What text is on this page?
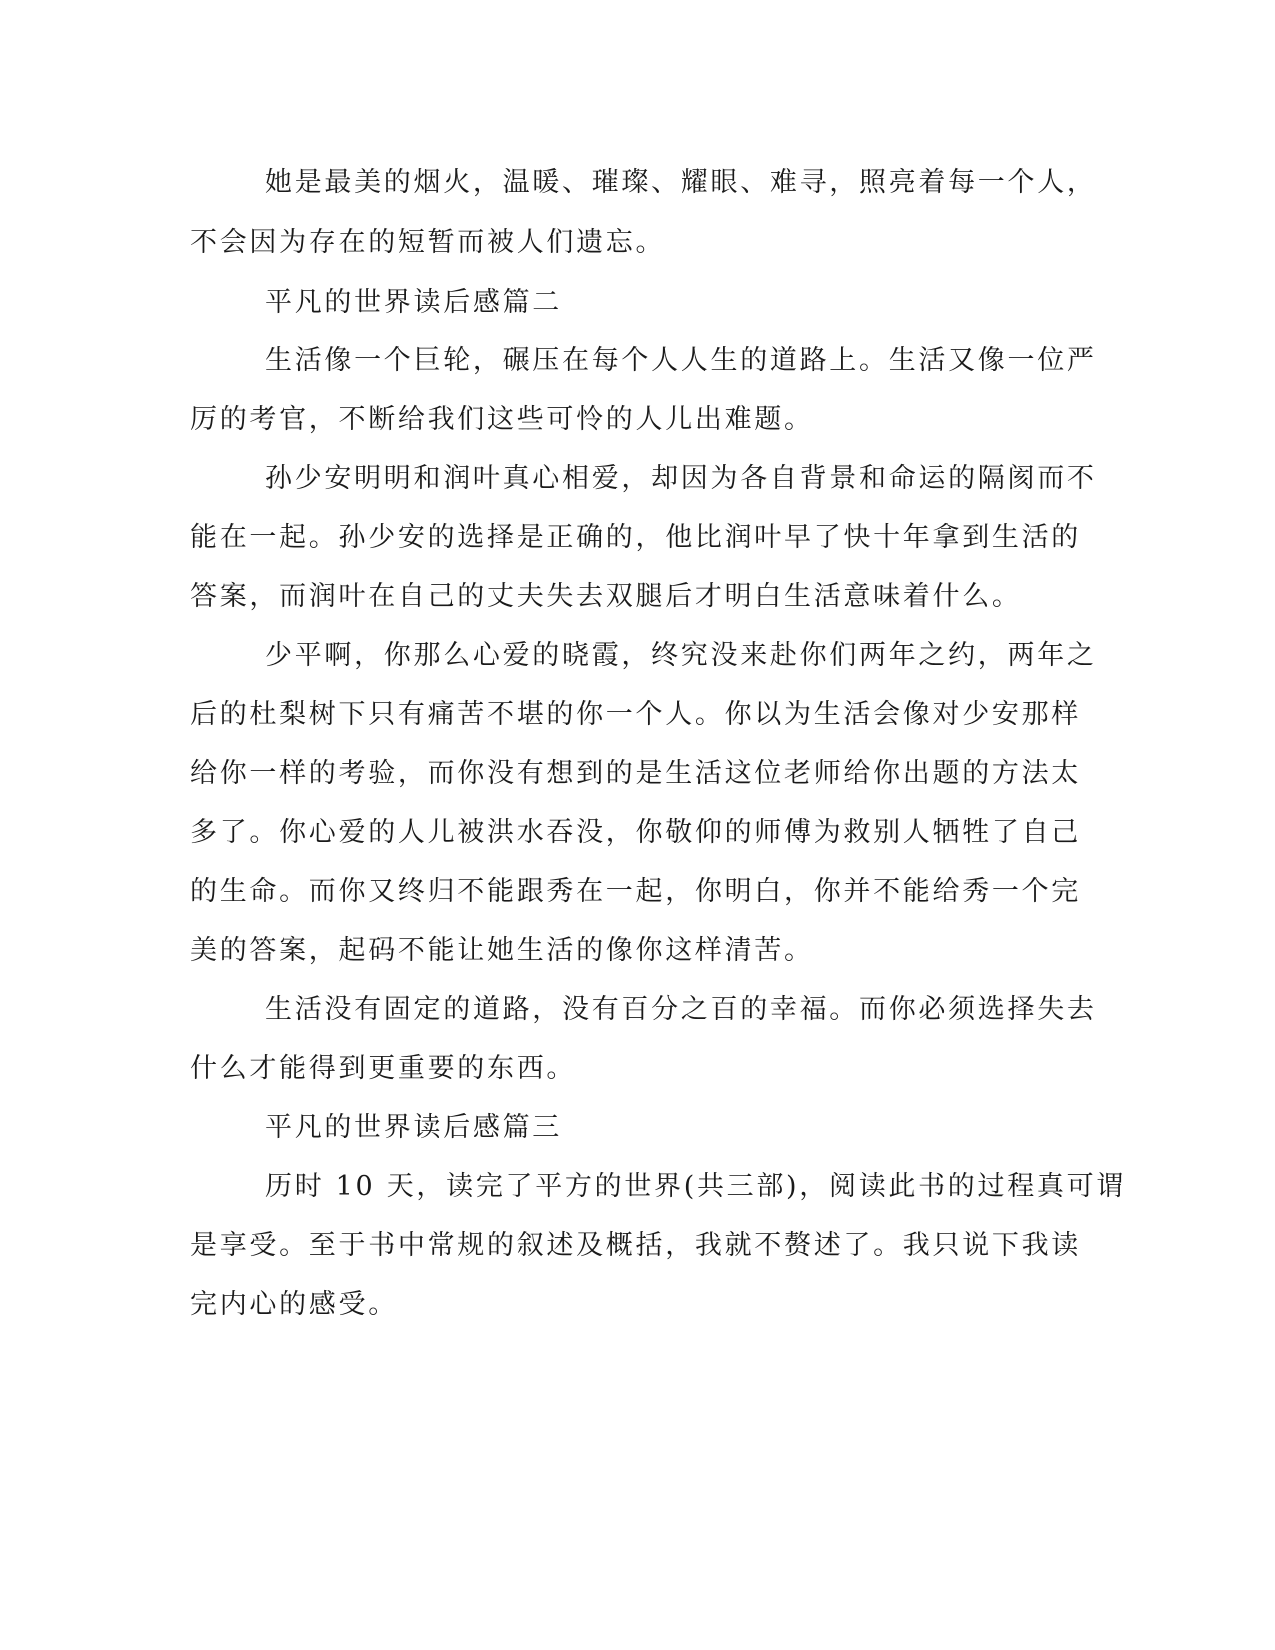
她是最美的烟火，温暖、璀璨、耀眼、难寻，照亮着每一个人，

不会因为存在的短暂而被人们遗忘。

平凡的世界读后感篇二

生活像一个巨轮，碾压在每个人人生的道路上。生活又像一位严

厉的考官，不断给我们这些可怜的人儿出难题。

孙少安明明和润叶真心相爱，却因为各自背景和命运的隔阂而不

能在一起。孙少安的选择是正确的，他比润叶早了快十年拿到生活的

答案，而润叶在自己的丈夫失去双腿后才明白生活意味着什么。

少平啊，你那么心爱的晓霞，终究没来赴你们两年之约，两年之

后的杜梨树下只有痛苦不堪的你一个人。你以为生活会像对少安那样

给你一样的考验，而你没有想到的是生活这位老师给你出题的方法太

多了。你心爱的人儿被洪水吞没，你敬仰的师傅为救别人牺牲了自己

的生命。而你又终归不能跟秀在一起，你明白，你并不能给秀一个完

美的答案，起码不能让她生活的像你这样清苦。

生活没有固定的道路，没有百分之百的幸福。而你必须选择失去

什么才能得到更重要的东西。

平凡的世界读后感篇三

历时 10 天，读完了平方的世界(共三部)，阅读此书的过程真可谓

是享受。至于书中常规的叙述及概括，我就不赘述了。我只说下我读

完内心的感受。
